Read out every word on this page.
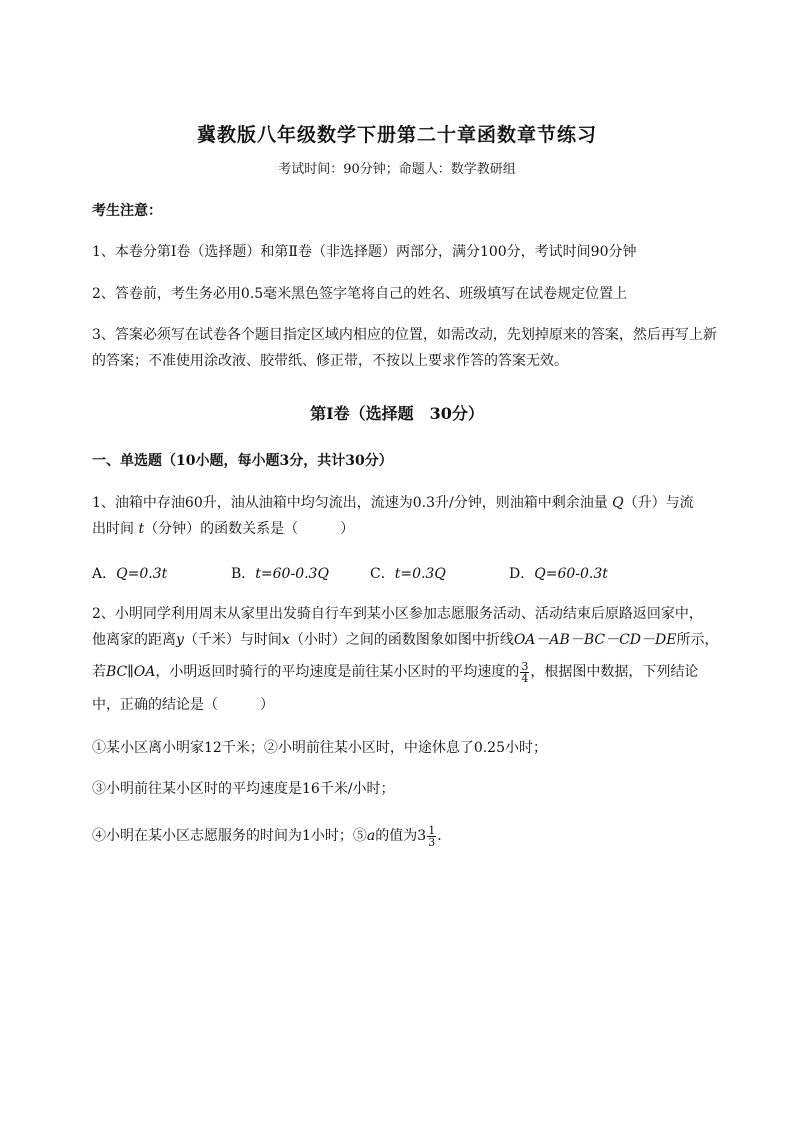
冀教版八年级数学下册第二十章函数章节练习
考试时间：90分钟；命题人：数学教研组
考生注意：
1、本卷分第I卷（选择题）和第Ⅱ卷（非选择题）两部分，满分100分，考试时间90分钟
2、答卷前，考生务必用0.5毫米黑色签字笔将自己的姓名、班级填写在试卷规定位置上
3、答案必须写在试卷各个题目指定区域内相应的位置，如需改动，先划掉原来的答案，然后再写上新
的答案；不准使用涂改液、胶带纸、修正带，不按以上要求作答的答案无效。
第I卷（选择题　30分）
一、单选题（10小题，每小题3分，共计30分）
1、油箱中存油60升，油从油箱中均匀流出，流速为0.3升/分钟，则油箱中剩余油量 Q（升）与流
出时间 t（分钟）的函数关系是（　　　）
A．Q=0.3t	B．t=60-0.3Q	C．t=0.3Q	D．Q=60-0.3t
2、小明同学利用周末从家里出发骑自行车到某小区参加志愿服务活动、活动结束后原路返回家中，
他离家的距离y（千米）与时间x（小时）之间的函数图象如图中折线OA－AB－BC－CD－DE所示，
若BC∥OA，小明返回时骑行的平均速度是前往某小区时的平均速度的 $\frac{3}{4}$ ，根据图中数据，下列结论
中，正确的结论是（　　　）
①某小区离小明家12千米；②小明前往某小区时，中途休息了0.25小时；
③小明前往某小区时的平均速度是16千米/小时；
④小明在某小区志愿服务的时间为1小时；⑤a的值为$3 \frac{1}{3}$ ．
